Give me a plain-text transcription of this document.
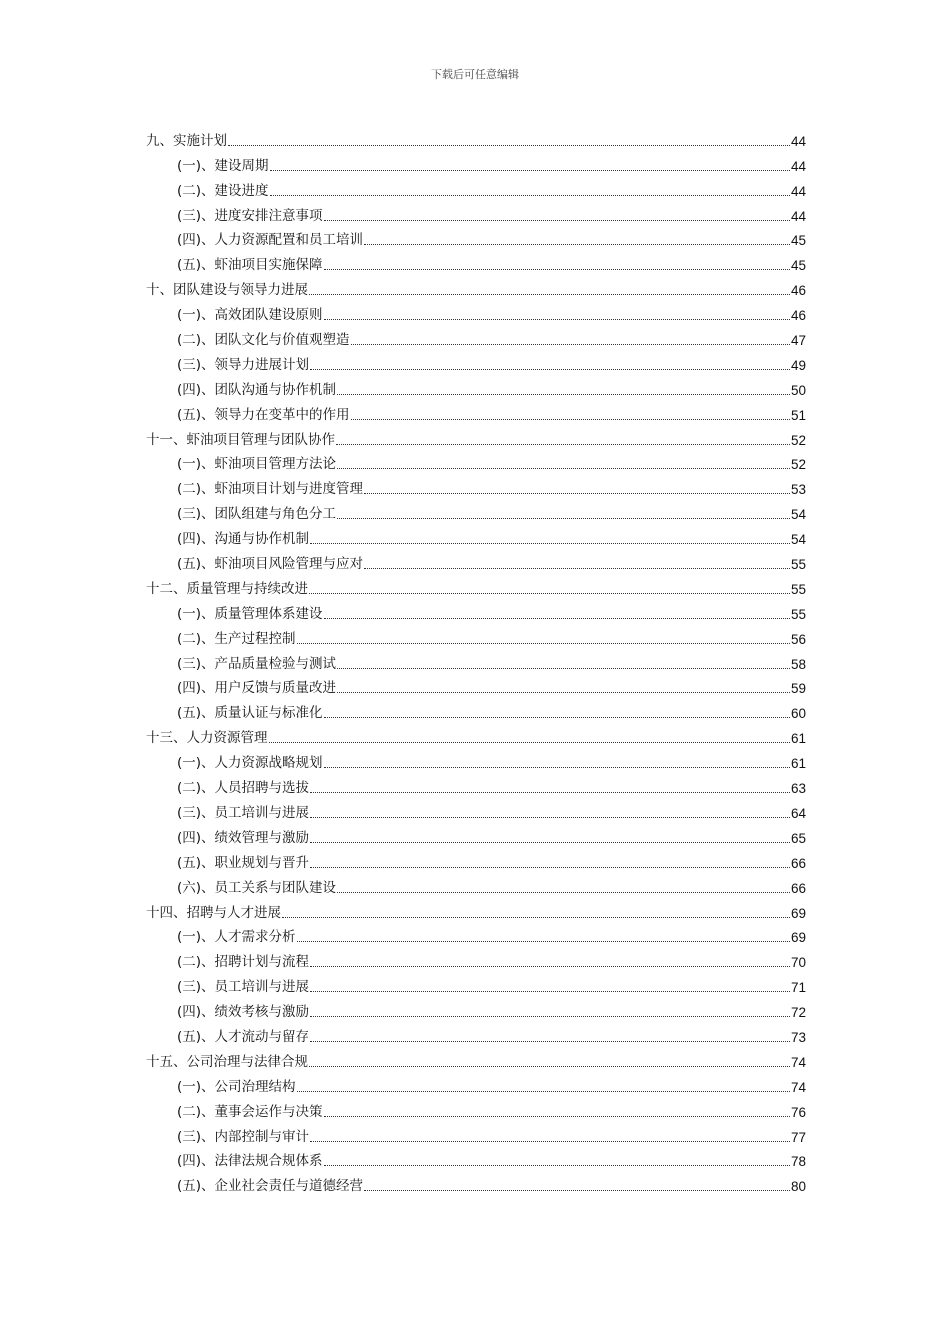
下载后可任意编辑
九、实施计划	44
(一)、建设周期	44
(二)、建设进度	44
(三)、进度安排注意事项	44
(四)、人力资源配置和员工培训	45
(五)、虾油项目实施保障	45
十、团队建设与领导力进展	46
(一)、高效团队建设原则	46
(二)、团队文化与价值观塑造	47
(三)、领导力进展计划	49
(四)、团队沟通与协作机制	50
(五)、领导力在变革中的作用	51
十一、虾油项目管理与团队协作	52
(一)、虾油项目管理方法论	52
(二)、虾油项目计划与进度管理	53
(三)、团队组建与角色分工	54
(四)、沟通与协作机制	54
(五)、虾油项目风险管理与应对	55
十二、质量管理与持续改进	55
(一)、质量管理体系建设	55
(二)、生产过程控制	56
(三)、产品质量检验与测试	58
(四)、用户反馈与质量改进	59
(五)、质量认证与标准化	60
十三、人力资源管理	61
(一)、人力资源战略规划	61
(二)、人员招聘与选拔	63
(三)、员工培训与进展	64
(四)、绩效管理与激励	65
(五)、职业规划与晋升	66
(六)、员工关系与团队建设	66
十四、招聘与人才进展	69
(一)、人才需求分析	69
(二)、招聘计划与流程	70
(三)、员工培训与进展	71
(四)、绩效考核与激励	72
(五)、人才流动与留存	73
十五、公司治理与法律合规	74
(一)、公司治理结构	74
(二)、董事会运作与决策	76
(三)、内部控制与审计	77
(四)、法律法规合规体系	78
(五)、企业社会责任与道德经营	80
